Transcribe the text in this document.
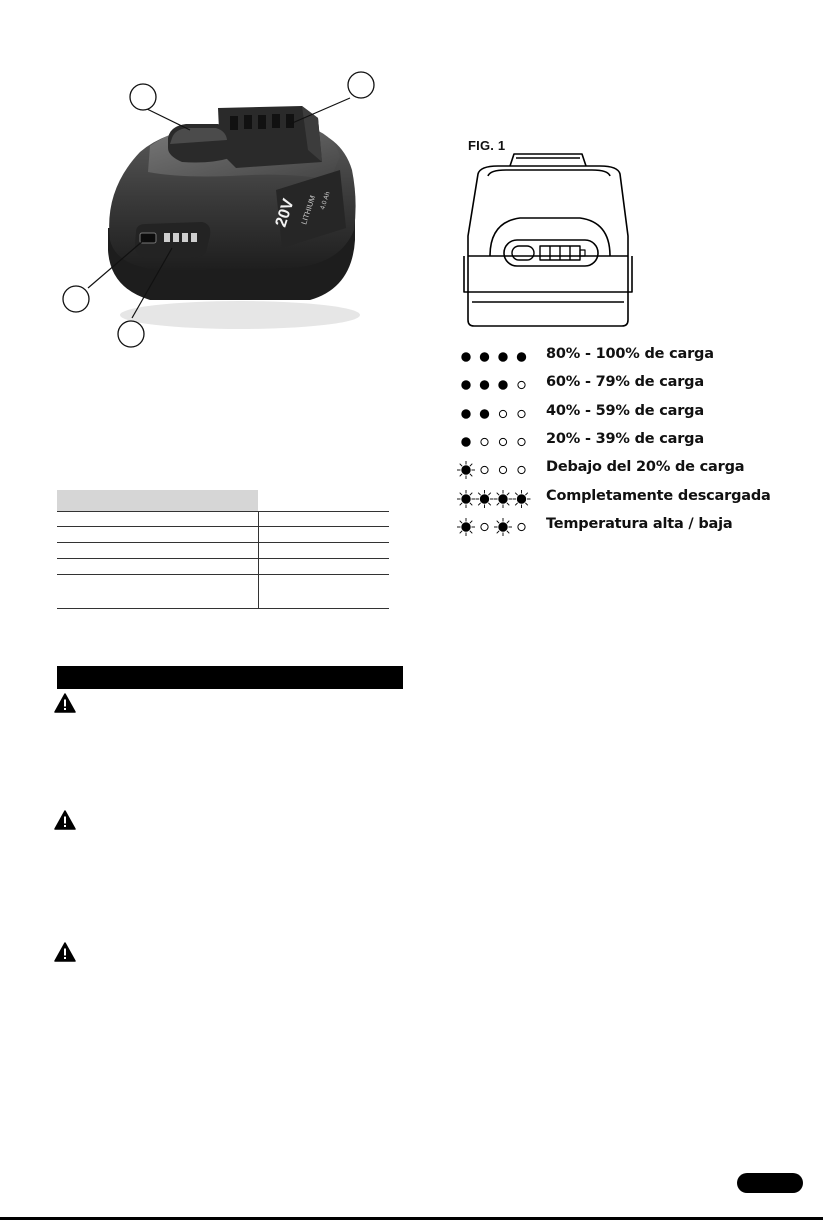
20V LITHIUM 4.0 Ah
FIG. 1
80% - 100% de carga
60% - 79% de carga
40% - 59% de carga
20% - 39% de carga
Debajo del 20% de carga
Completamente descargada
Temperatura alta / baja
